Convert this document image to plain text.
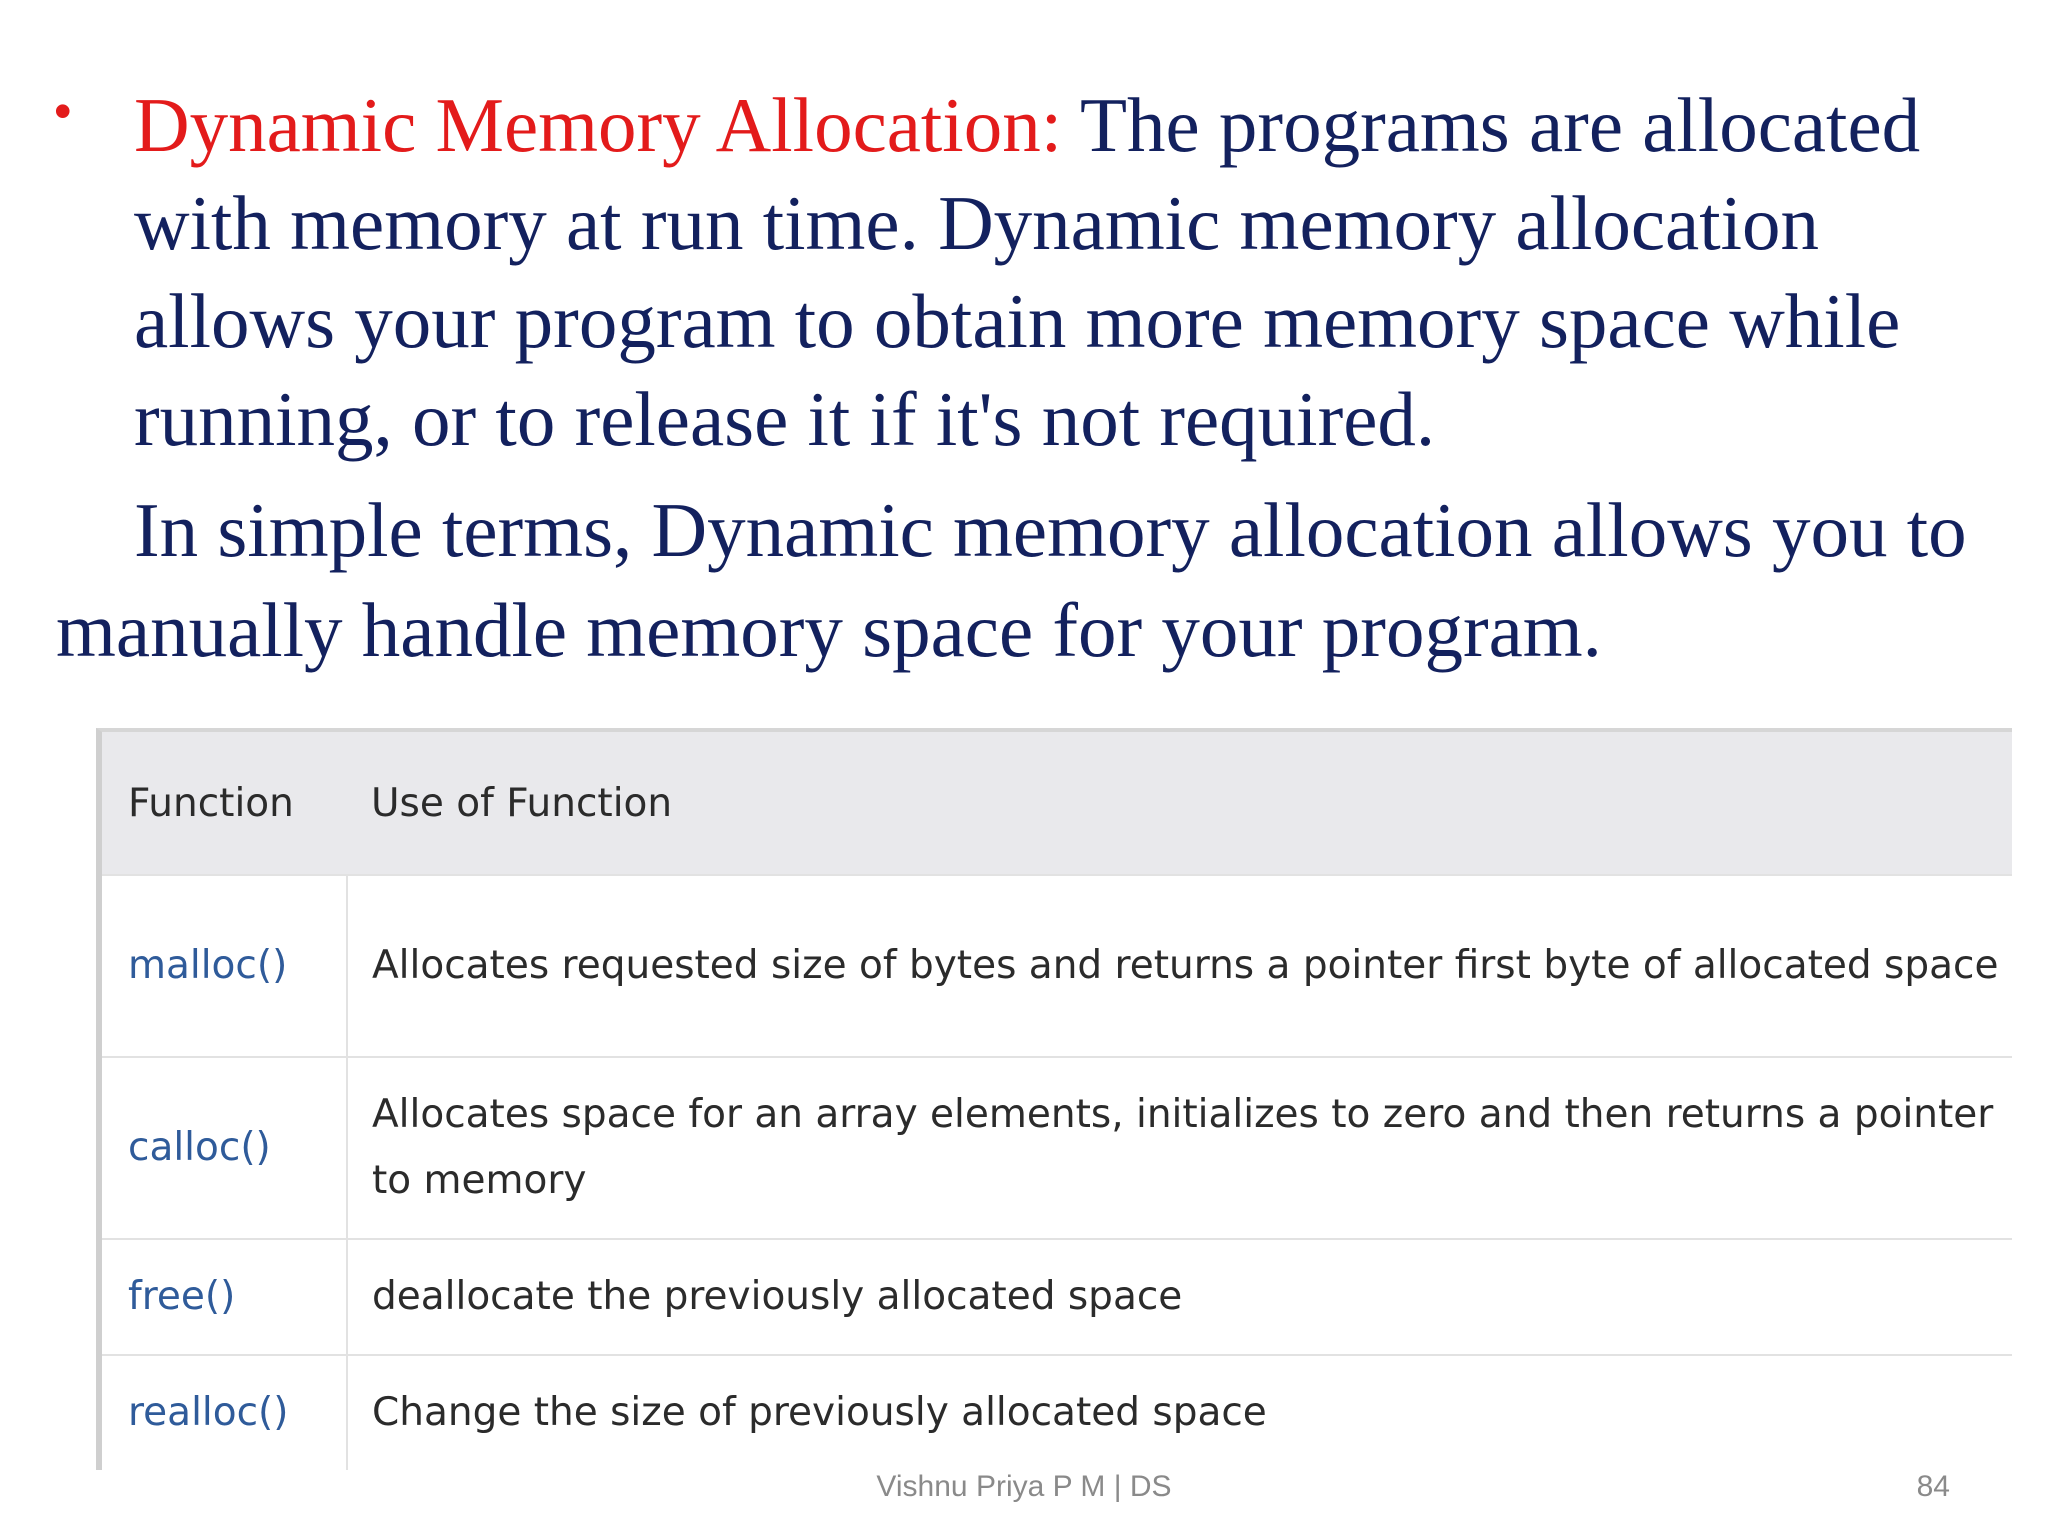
• Dynamic Memory Allocation: The programs are allocated with memory at run time. Dynamic memory allocation allows your program to obtain more memory space while running, or to release it if it's not required.
In simple terms, Dynamic memory allocation allows you to manually handle memory space for your program.
Function	Use of Function
malloc()	Allocates requested size of bytes and returns a pointer first byte of allocated space
calloc()	Allocates space for an array elements, initializes to zero and then returns a pointer to memory
free()	deallocate the previously allocated space
realloc()	Change the size of previously allocated space
Vishnu Priya P M | DS	84
